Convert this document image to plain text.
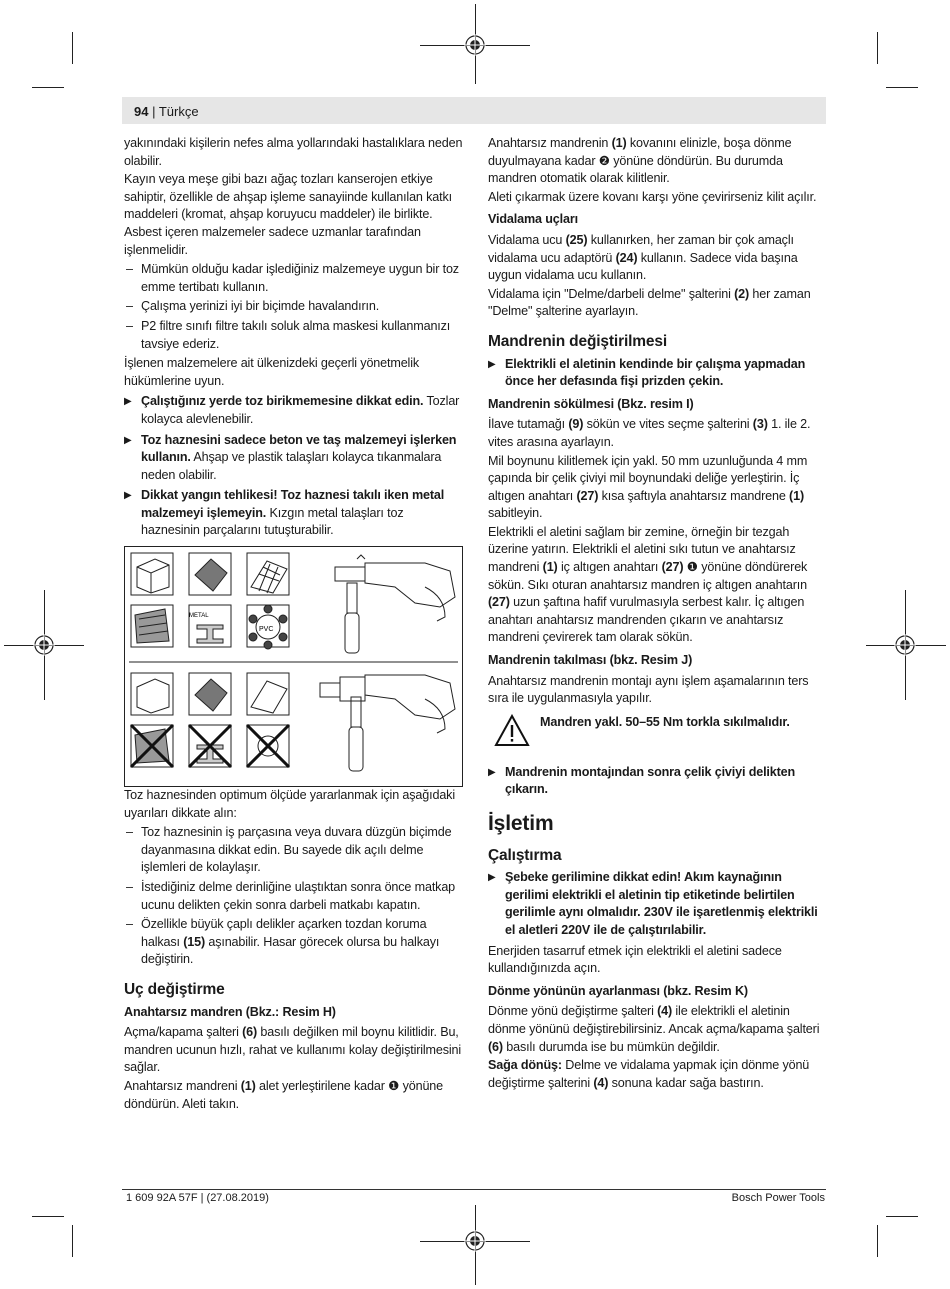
94 | Türkçe

yakınındaki kişilerin nefes alma yollarındaki hastalıklara neden olabilir.

Kayın veya meşe gibi bazı ağaç tozları kanserojen etkiye sahiptir, özellikle de ahşap işleme sanayiinde kullanılan katkı maddeleri (kromat, ahşap koruyucu maddeler) ile birlikte. Asbest içeren malzemeler sadece uzmanlar tarafından işlenmelidir.

– Mümkün olduğu kadar işlediğiniz malzemeye uygun bir toz emme tertibatı kullanın.
– Çalışma yerinizi iyi bir biçimde havalandırın.
– P2 filtre sınıfı filtre takılı soluk alma maskesi kullanmanızı tavsiye ederiz.

İşlenen malzemelere ait ülkenizdeki geçerli yönetmelik hükümlerine uyun.

▶ Çalıştığınız yerde toz birikmemesine dikkat edin. Tozlar kolayca alevlenebilir.
▶ Toz haznesini sadece beton ve taş malzemeyi işlerken kullanın. Ahşap ve plastik talaşları kolayca tıkanmalara neden olabilir.
▶ Dikkat yangın tehlikesi! Toz haznesi takılı iken metal malzemeyi işlemeyin. Kızgın metal talaşları toz haznesinin parçalarını tutuşturabilir.
METAL
PVC

Toz haznesinden optimum ölçüde yararlanmak için aşağıdaki uyarıları dikkate alın:

– Toz haznesinin iş parçasına veya duvara düzgün biçimde dayanmasına dikkat edin. Bu sayede dik açılı delme işlemleri de kolaylaşır.
– İstediğiniz delme derinliğine ulaştıktan sonra önce matkap ucunu delikten çekin sonra darbeli matkabı kapatın.
– Özellikle büyük çaplı delikler açarken tozdan koruma halkası (15) aşınabilir. Hasar görecek olursa bu halkayı değiştirin.
Uç değiştirme
Anahtarsız mandren (Bkz.: Resim H)

Açma/kapama şalteri (6) basılı değilken mil boynu kilitlidir. Bu, mandren ucunun hızlı, rahat ve kullanımı kolay değiştirilmesini sağlar.

Anahtarsız mandreni (1) alet yerleştirilene kadar ❶ yönüne döndürün. Aleti takın.

Anahtarsız mandrenin (1) kovanını elinizle, boşa dönme duyulmayana kadar ❷ yönüne döndürün. Bu durumda mandren otomatik olarak kilitlenir.

Aleti çıkarmak üzere kovanı karşı yöne çevirirseniz kilit açılır.

Vidalama uçları

Vidalama ucu (25) kullanırken, her zaman bir çok amaçlı vidalama ucu adaptörü (24) kullanın. Sadece vida başına uygun vidalama ucu kullanın.

Vidalama için "Delme/darbeli delme" şalterini (2) her zaman "Delme" şalterine ayarlayın.

Mandrenin değiştirilmesi
▶ Elektrikli el aletinin kendinde bir çalışma yapmadan önce her defasında fişi prizden çekin.
Mandrenin sökülmesi (Bkz. resim I)

İlave tutamağı (9) sökün ve vites seçme şalterini (3) 1. ile 2. vites arasına ayarlayın.

Mil boynunu kilitlemek için yakl. 50 mm uzunluğunda 4 mm çapında bir çelik çiviyi mil boynundaki deliğe yerleştirin. İç altıgen anahtarı (27) kısa şaftıyla anahtarsız mandrene (1) sabitleyin.

Elektrikli el aletini sağlam bir zemine, örneğin bir tezgah üzerine yatırın. Elektrikli el aletini sıkı tutun ve anahtarsız mandreni (1) iç altıgen anahtarı (27) ❶ yönüne döndürerek sökün. Sıkı oturan anahtarsız mandren iç altıgen anahtarın (27) uzun şaftına hafif vurulmasıyla serbest kalır. İç altıgen anahtarı anahtarsız mandrenden çıkarın ve anahtarsız mandreni çevirerek tam olarak sökün.

Mandrenin takılması (bkz. Resim J)

Anahtarsız mandrenin montajı aynı işlem aşamalarının ters sıra ile uygulanmasıyla yapılır.

Mandren yakl. 50–55 Nm torkla sıkılmalıdır.
▶ Mandrenin montajından sonra çelik çiviyi delikten çıkarın.
İşletim
Çalıştırma
▶ Şebeke gerilimine dikkat edin! Akım kaynağının gerilimi elektrikli el aletinin tip etiketinde belirtilen gerilimle aynı olmalıdır. 230V ile işaretlenmiş elektrikli el aletleri 220V ile de çalıştırılabilir.

Enerjiden tasarruf etmek için elektrikli el aletini sadece kullandığınızda açın.

Dönme yönünün ayarlanması (bkz. Resim K)

Dönme yönü değiştirme şalteri (4) ile elektrikli el aletinin dönme yönünü değiştirebilirsiniz. Ancak açma/kapama şalteri (6) basılı durumda ise bu mümkün değildir.

Sağa dönüş: Delme ve vidalama yapmak için dönme yönü değiştirme şalterini (4) sonuna kadar sağa bastırın.

1 609 92A 57F | (27.08.2019)	Bosch Power Tools
